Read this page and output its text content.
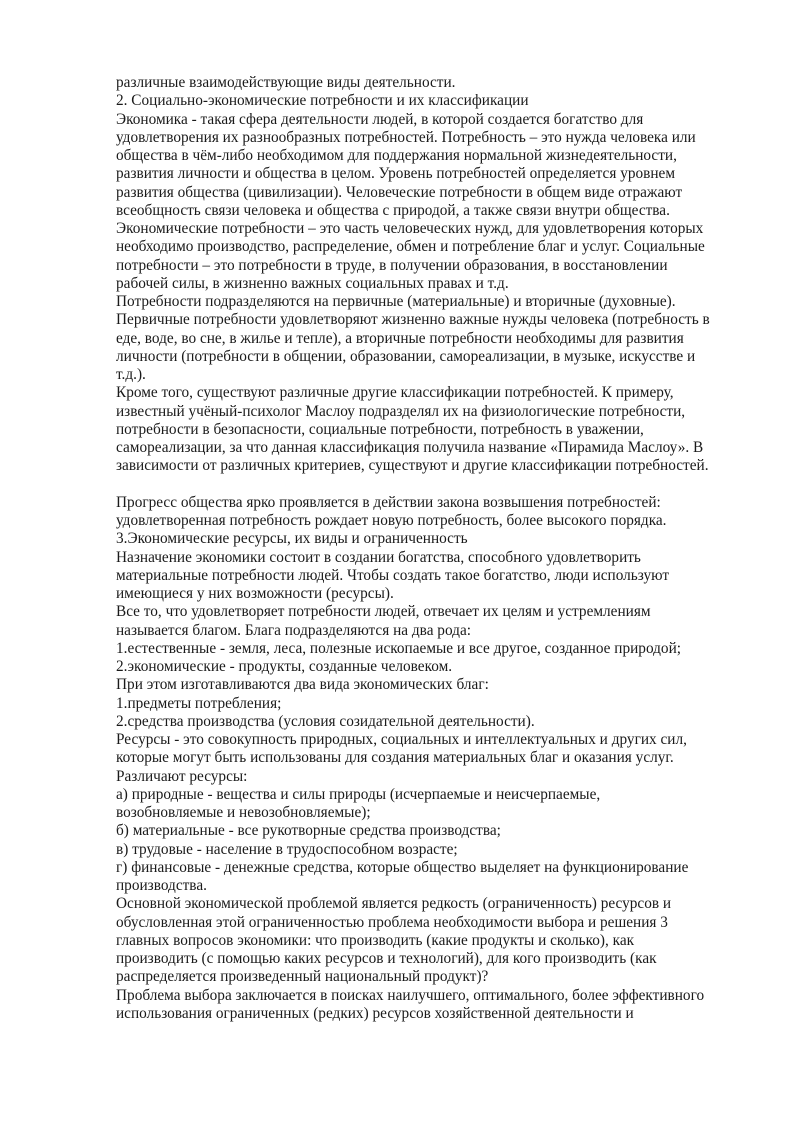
различные взаимодействующие виды деятельности.
2. Социально-экономические потребности и их классификации
Экономика - такая сфера деятельности людей, в которой создается богатство для
удовлетворения их разнообразных потребностей. Потребность – это нужда человека или
общества в чём-либо необходимом для поддержания нормальной жизнедеятельности,
развития личности и общества в целом. Уровень потребностей определяется уровнем
развития общества (цивилизации). Человеческие потребности в общем виде отражают
всеобщность связи человека и общества с природой, а также связи внутри общества.
Экономические потребности – это часть человеческих нужд, для удовлетворения которых
необходимо производство, распределение, обмен и потребление благ и услуг. Социальные
потребности – это потребности в труде, в получении образования, в восстановлении
рабочей силы, в жизненно важных социальных правах и т.д.
Потребности подразделяются на первичные (материальные) и вторичные (духовные).
Первичные потребности удовлетворяют жизненно важные нужды человека (потребность в
еде, воде, во сне, в жилье и тепле), а вторичные потребности необходимы для развития
личности (потребности в общении, образовании, самореализации, в музыке, искусстве и
т.д.).
Кроме того, существуют различные другие классификации потребностей. К примеру,
известный учёный-психолог Маслоу подразделял их на физиологические потребности,
потребности в безопасности, социальные потребности, потребность в уважении,
самореализации, за что данная классификация получила название «Пирамида Маслоу». В
зависимости от различных критериев, существуют и другие классификации потребностей.
Прогресс общества ярко проявляется в действии закона возвышения потребностей:
удовлетворенная потребность рождает новую потребность, более высокого порядка.
3.Экономические ресурсы, их виды и ограниченность
Назначение экономики состоит в создании богатства, способного удовлетворить
материальные потребности людей. Чтобы создать такое богатство, люди используют
имеющиеся у них возможности (ресурсы).
Все то, что удовлетворяет потребности людей, отвечает их целям и устремлениям
называется благом. Блага подразделяются на два рода:
1.естественные - земля, леса, полезные ископаемые и все другое, созданное природой;
2.экономические - продукты, созданные человеком.
При этом изготавливаются два вида экономических благ:
1.предметы потребления;
2.средства производства (условия созидательной деятельности).
Ресурсы - это совокупность природных, социальных и интеллектуальных и других сил,
которые могут быть использованы для создания материальных благ и оказания услуг.
Различают ресурсы:
а) природные - вещества и силы природы (исчерпаемые и неисчерпаемые,
возобновляемые и невозобновляемые);
б) материальные - все рукотворные средства производства;
в) трудовые - население в трудоспособном возрасте;
г) финансовые - денежные средства, которые общество выделяет на функционирование
производства.
Основной экономической проблемой является редкость (ограниченность) ресурсов и
обусловленная этой ограниченностью проблема необходимости выбора и решения 3
главных вопросов экономики: что производить (какие продукты и сколько), как
производить (с помощью каких ресурсов и технологий), для кого производить (как
распределяется произведенный национальный продукт)?
Проблема выбора заключается в поисках наилучшего, оптимального, более эффективного
использования ограниченных (редких) ресурсов хозяйственной деятельности и
